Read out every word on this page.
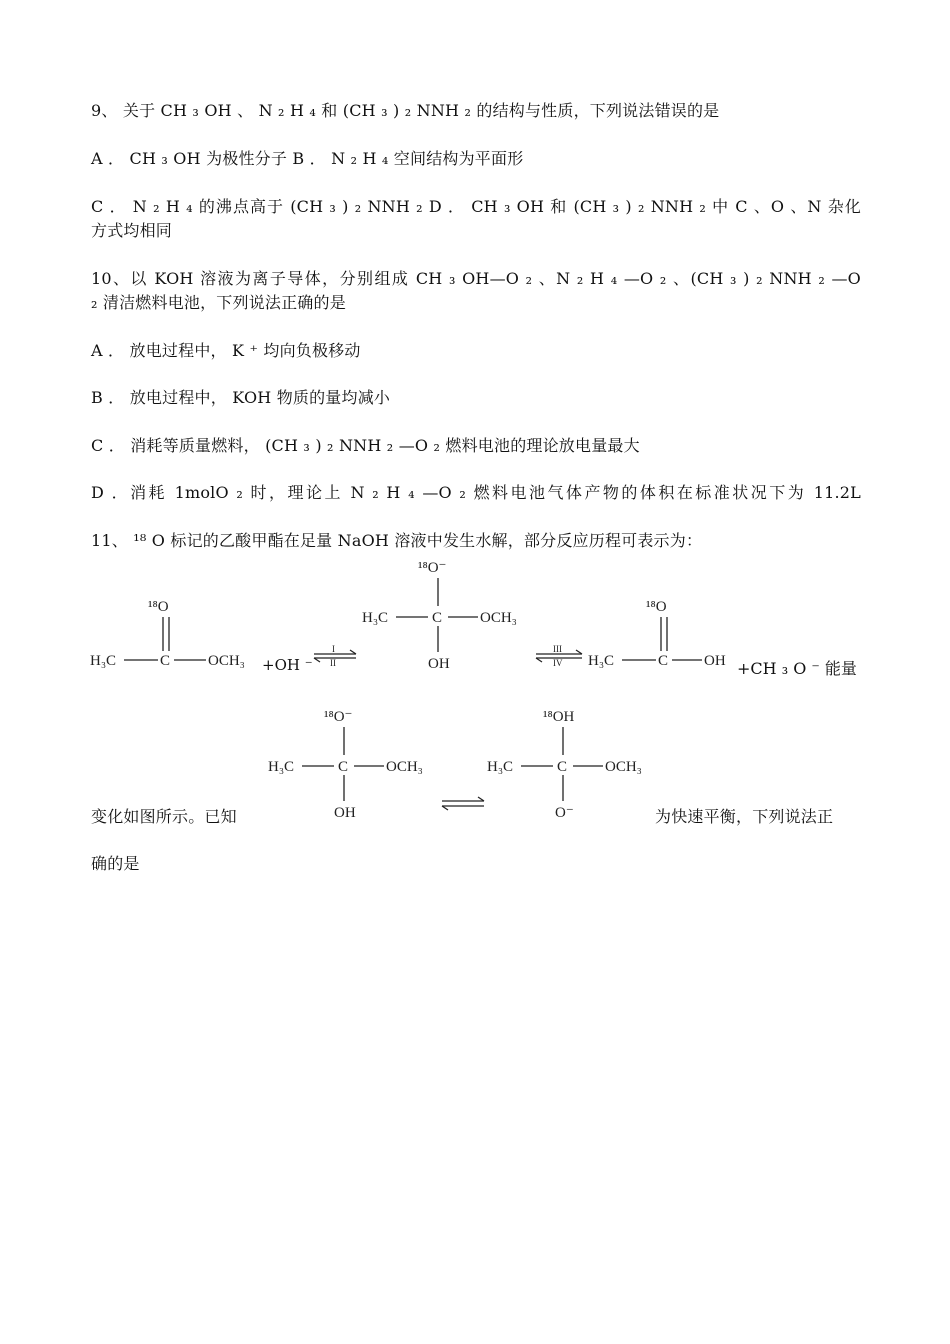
9、 关于 CH ₃ OH 、 N ₂ H ₄ 和 (CH ₃ ) ₂ NNH ₂ 的结构与性质，下列说法错误的是
A ． CH ₃ OH 为极性分子 B ． N ₂ H ₄ 空间结构为平面形
C ． N ₂ H ₄ 的沸点高于 (CH ₃ ) ₂ NNH ₂ D ． CH ₃ OH 和 (CH ₃ ) ₂ NNH ₂ 中 C 、O 、N 杂化
方式均相同
10、以 KOH 溶液为离子导体，分别组成 CH ₃ OH—O ₂ 、N ₂ H ₄ —O ₂ 、(CH ₃ ) ₂ NNH ₂ —O
₂ 清洁燃料电池，下列说法正确的是
A ． 放电过程中， K ⁺ 均向负极移动
B ． 放电过程中， KOH 物质的量均减小
C ． 消耗等质量燃料， (CH ₃ ) ₂ NNH ₂ —O ₂ 燃料电池的理论放电量最大
D ．消耗 1molO ₂ 时，理论上 N ₂ H ₄ —O ₂ 燃料电池气体产物的体积在标准状况下为 11.2L
11、 ¹⁸ O 标记的乙酸甲酯在足量 NaOH 溶液中发生水解，部分反应历程可表示为：
¹⁸O
H₃C	C	OCH₃ +OH ⁻
I
II
¹⁸O⁻
H₃C	C	OCH₃
OH
III
IV
¹⁸O
H₃C	C OH +CH ₃ O ⁻ 能量
变化如图所示。已知
¹⁸O⁻
H₃C	C	OCH₃
OH
¹⁸OH
H₃C	C	OCH₃
O⁻	为快速平衡，下列说法正
确的是
